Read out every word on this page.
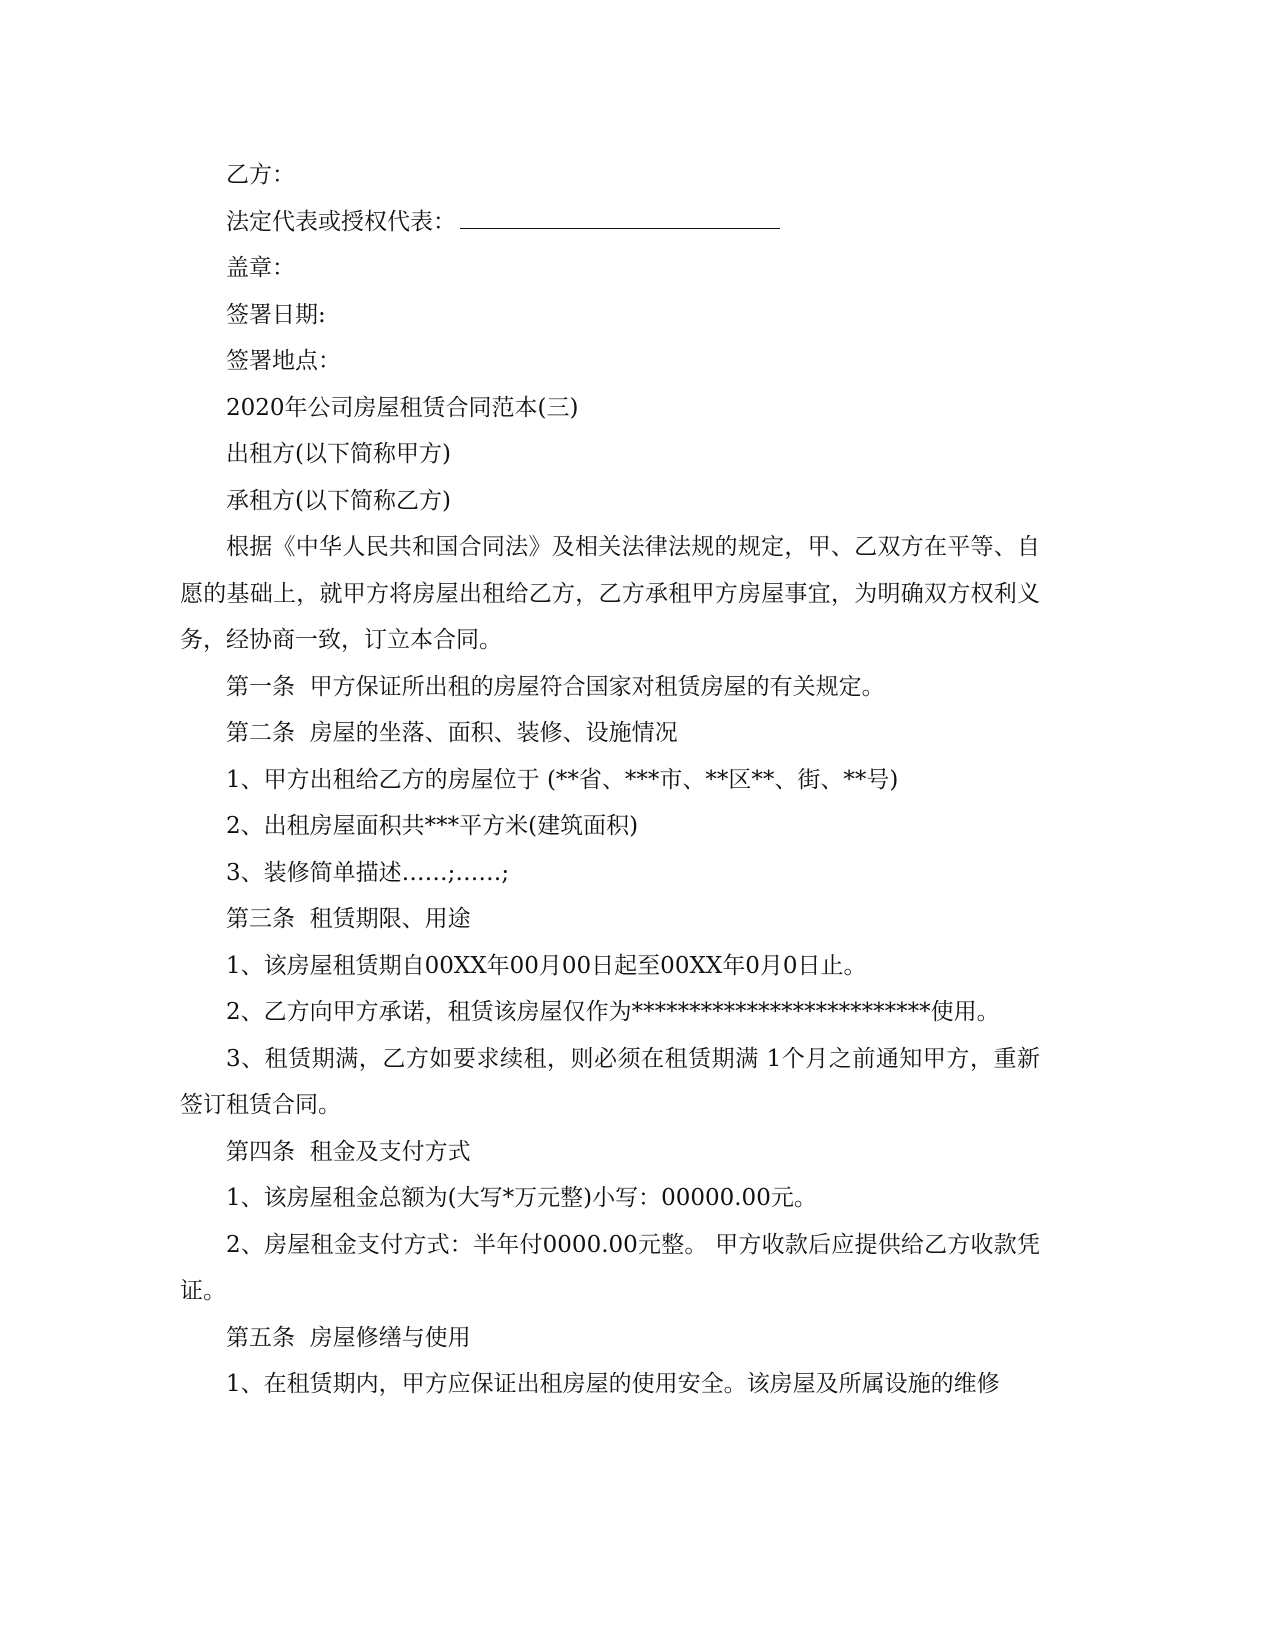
乙方：

法定代表或授权代表：

盖章：

签署日期:

签署地点：

2020年公司房屋租赁合同范本(三)

出租方(以下简称甲方)

承租方(以下简称乙方)

根据《中华人民共和国合同法》及相关法律法规的规定，甲、乙双方在平等、自愿的基础上，就甲方将房屋出租给乙方，乙方承租甲方房屋事宜，为明确双方权利义务，经协商一致，订立本合同。

第一条  甲方保证所出租的房屋符合国家对租赁房屋的有关规定。

第二条  房屋的坐落、面积、装修、设施情况

1、甲方出租给乙方的房屋位于 (**省、***市、**区**、街、**号)

2、出租房屋面积共***平方米(建筑面积)

3、装修简单描述……;……;

第三条  租赁期限、用途

1、该房屋租赁期自00XX年00月00日起至00XX年0月0日止。

2、乙方向甲方承诺，租赁该房屋仅作为**************************使用。

3、租赁期满，乙方如要求续租，则必须在租赁期满 1个月之前通知甲方，重新签订租赁合同。

第四条  租金及支付方式

1、该房屋租金总额为(大写*万元整)小写：00000.00元。

2、房屋租金支付方式：半年付0000.00元整。 甲方收款后应提供给乙方收款凭证。

第五条  房屋修缮与使用

1、在租赁期内，甲方应保证出租房屋的使用安全。该房屋及所属设施的维修
